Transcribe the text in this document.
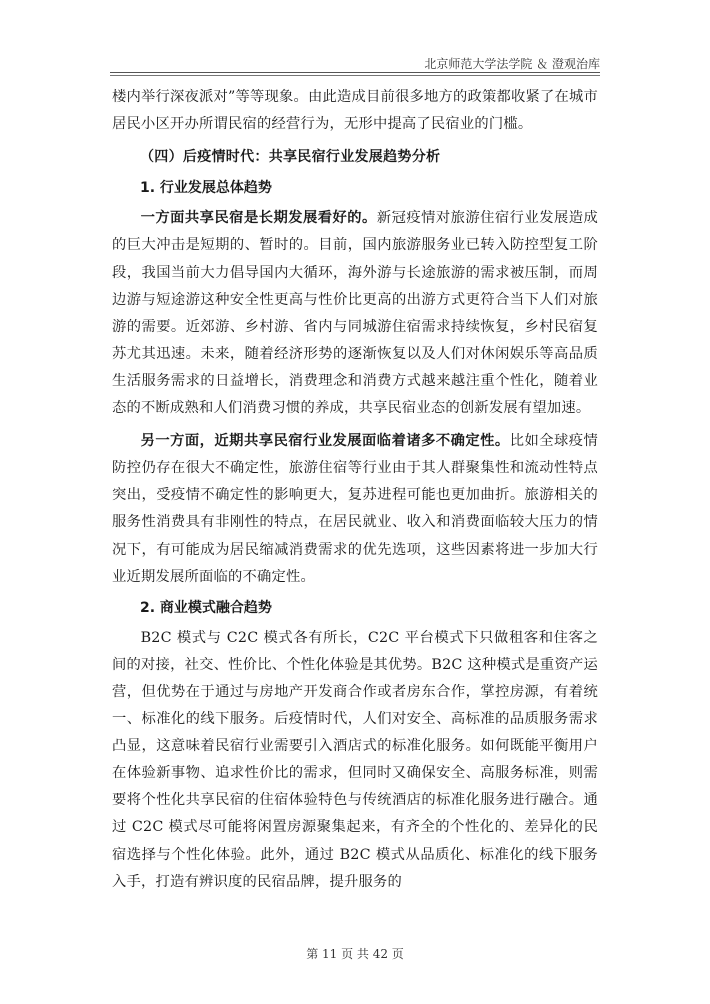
北京师范大学法学院 ＆ 澄观治库

楼内举行深夜派对”等等现象。由此造成目前很多地方的政策都收紧了在城市居民小区开办所谓民宿的经营行为，无形中提高了民宿业的门槛。

（四）后疫情时代：共享民宿行业发展趋势分析
1. 行业发展总体趋势

一方面共享民宿是长期发展看好的。新冠疫情对旅游住宿行业发展造成的巨大冲击是短期的、暂时的。目前，国内旅游服务业已转入防控型复工阶段，我国当前大力倡导国内大循环，海外游与长途旅游的需求被压制，而周边游与短途游这种安全性更高与性价比更高的出游方式更符合当下人们对旅游的需要。近郊游、乡村游、省内与同城游住宿需求持续恢复，乡村民宿复苏尤其迅速。未来，随着经济形势的逐渐恢复以及人们对休闲娱乐等高品质生活服务需求的日益增长，消费理念和消费方式越来越注重个性化，随着业态的不断成熟和人们消费习惯的养成，共享民宿业态的创新发展有望加速。

另一方面，近期共享民宿行业发展面临着诸多不确定性。比如全球疫情防控仍存在很大不确定性，旅游住宿等行业由于其人群聚集性和流动性特点突出，受疫情不确定性的影响更大，复苏进程可能也更加曲折。旅游相关的服务性消费具有非刚性的特点，在居民就业、收入和消费面临较大压力的情况下，有可能成为居民缩减消费需求的优先选项，这些因素将进一步加大行业近期发展所面临的不确定性。

2. 商业模式融合趋势

B2C 模式与 C2C 模式各有所长，C2C 平台模式下只做租客和住客之间的对接，社交、性价比、个性化体验是其优势。B2C 这种模式是重资产运营，但优势在于通过与房地产开发商合作或者房东合作，掌控房源，有着统一、标准化的线下服务。后疫情时代，人们对安全、高标准的品质服务需求凸显，这意味着民宿行业需要引入酒店式的标准化服务。如何既能平衡用户在体验新事物、追求性价比的需求，但同时又确保安全、高服务标准，则需要将个性化共享民宿的住宿体验特色与传统酒店的标准化服务进行融合。通过 C2C 模式尽可能将闲置房源聚集起来，有齐全的个性化的、差异化的民宿选择与个性化体验。此外，通过 B2C 模式从品质化、标准化的线下服务入手，打造有辨识度的民宿品牌，提升服务的

第 11 页 共 42 页
